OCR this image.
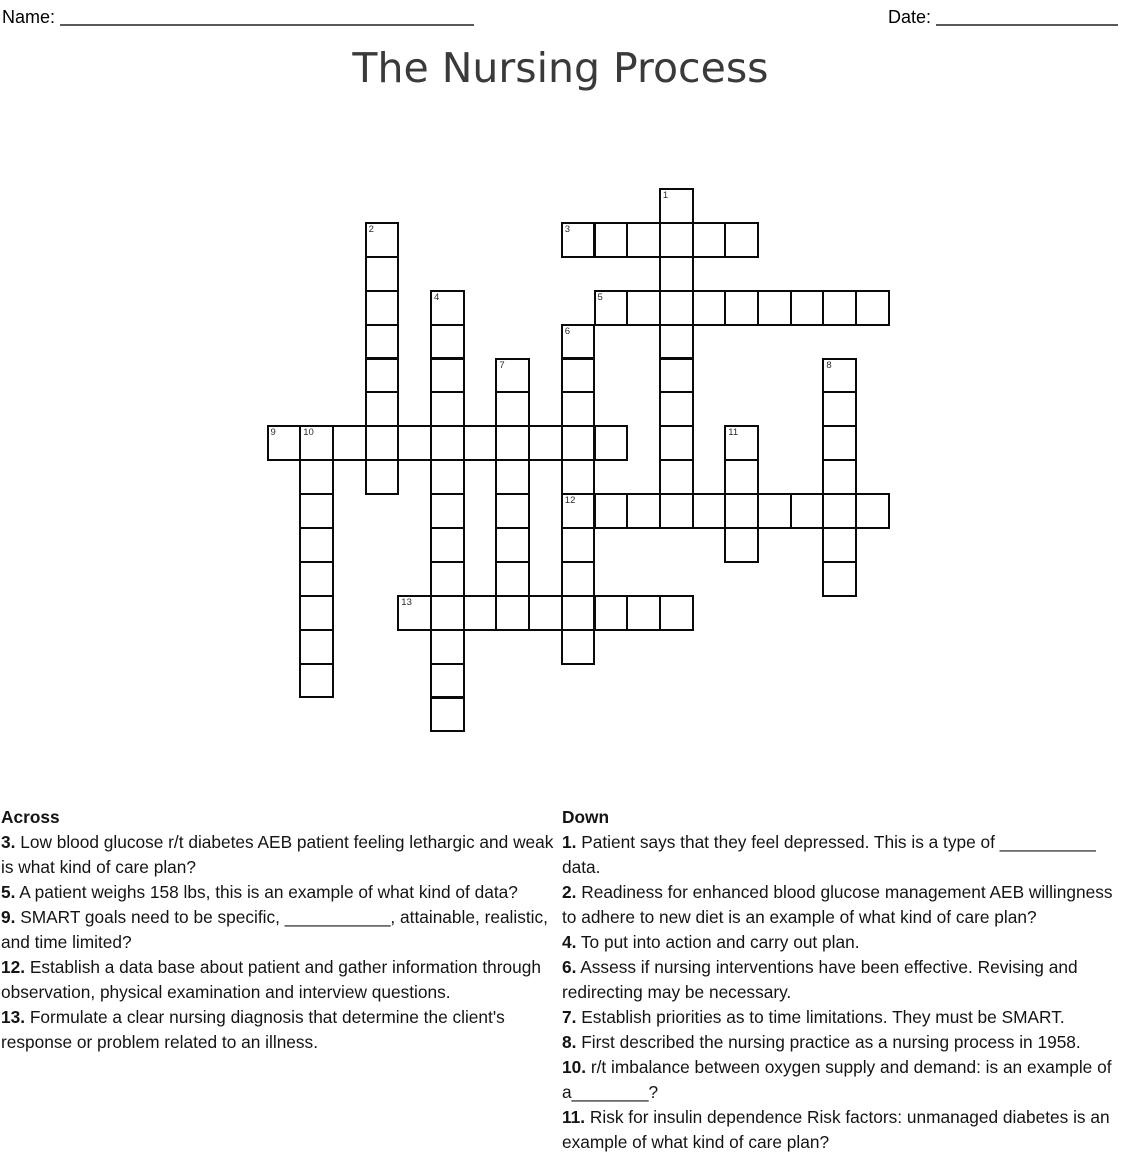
Name:	Date:
The Nursing Process
1
2	3
4	5
6
12
7	8
9	10	11
13

Across

3. Low blood glucose r/t diabetes AEB patient feeling lethargic and weak is what kind of care plan?

5. A patient weighs 158 lbs, this is an example of what kind of data?

9. SMART goals need to be specific, ___________, attainable, realistic, and time limited?

12. Establish a data base about patient and gather information through observation, physical examination and interview questions.

13. Formulate a clear nursing diagnosis that determine the client's response or problem related to an illness.

Down

1. Patient says that they feel depressed. This is a type of __________ data.

2. Readiness for enhanced blood glucose management AEB willingness to adhere to new diet is an example of what kind of care plan?

4. To put into action and carry out plan.

6. Assess if nursing interventions have been effective. Revising and redirecting may be necessary.

7. Establish priorities as to time limitations. They must be SMART.

8. First described the nursing practice as a nursing process in 1958.

10. r/t imbalance between oxygen supply and demand: is an example of a________?

11. Risk for insulin dependence Risk factors: unmanaged diabetes is an example of what kind of care plan?
